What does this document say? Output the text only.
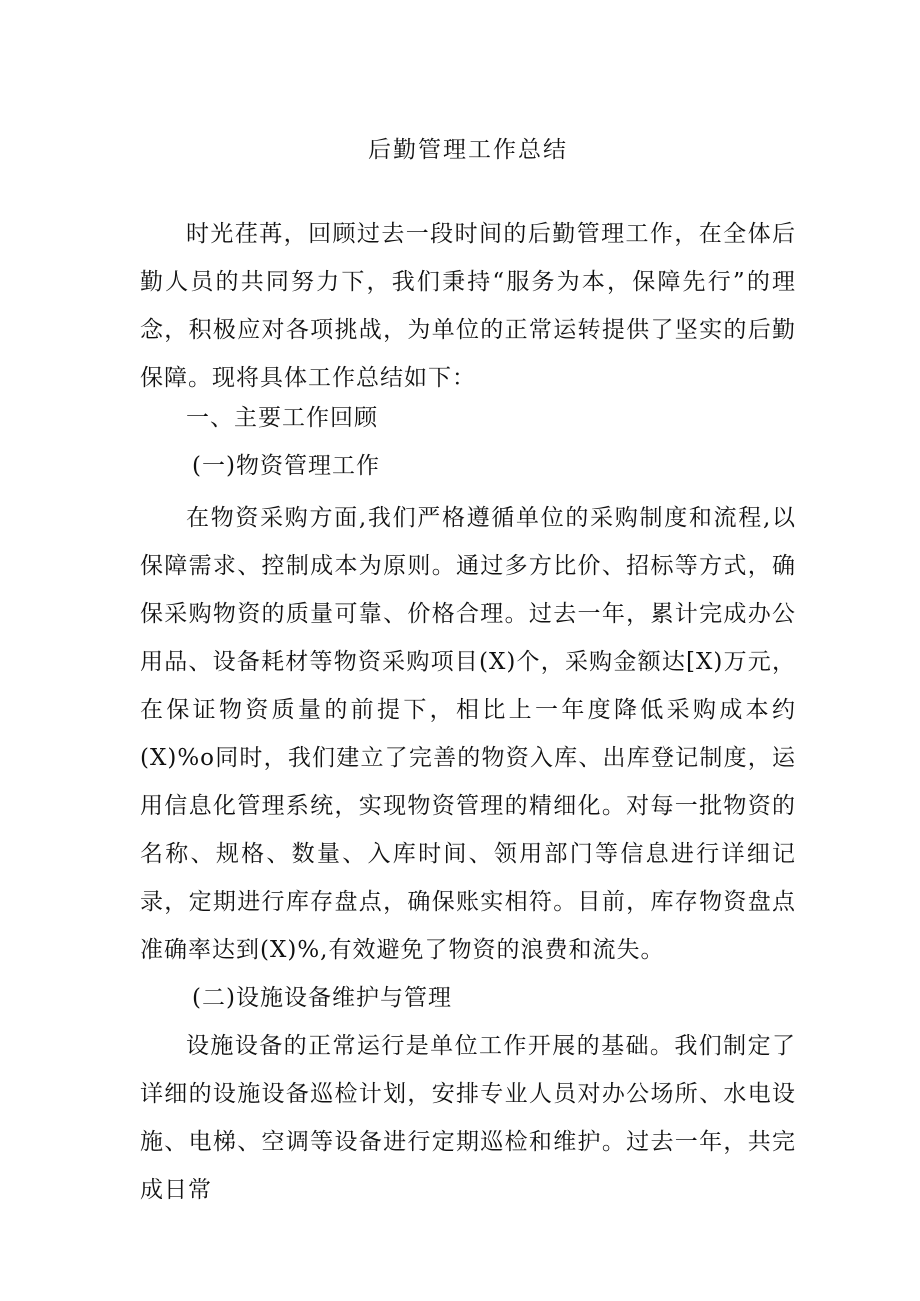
后勤管理工作总结

时光荏苒，回顾过去一段时间的后勤管理工作，在全体后勤人员的共同努力下，我们秉持“服务为本，保障先行”的理念，积极应对各项挑战，为单位的正常运转提供了坚实的后勤保障。现将具体工作总结如下：

一、主要工作回顾
(一)物资管理工作

在物资采购方面,我们严格遵循单位的采购制度和流程,以保障需求、控制成本为原则。通过多方比价、招标等方式，确保采购物资的质量可靠、价格合理。过去一年，累计完成办公用品、设备耗材等物资采购项目(X)个，采购金额达[X)万元，在保证物资质量的前提下，相比上一年度降低采购成本约(X)%o同时，我们建立了完善的物资入库、出库登记制度，运用信息化管理系统，实现物资管理的精细化。对每一批物资的名称、规格、数量、入库时间、领用部门等信息进行详细记录，定期进行库存盘点，确保账实相符。目前，库存物资盘点准确率达到(X)%,有效避免了物资的浪费和流失。

(二)设施设备维护与管理

设施设备的正常运行是单位工作开展的基础。我们制定了详细的设施设备巡检计划，安排专业人员对办公场所、水电设施、电梯、空调等设备进行定期巡检和维护。过去一年，共完成日常
